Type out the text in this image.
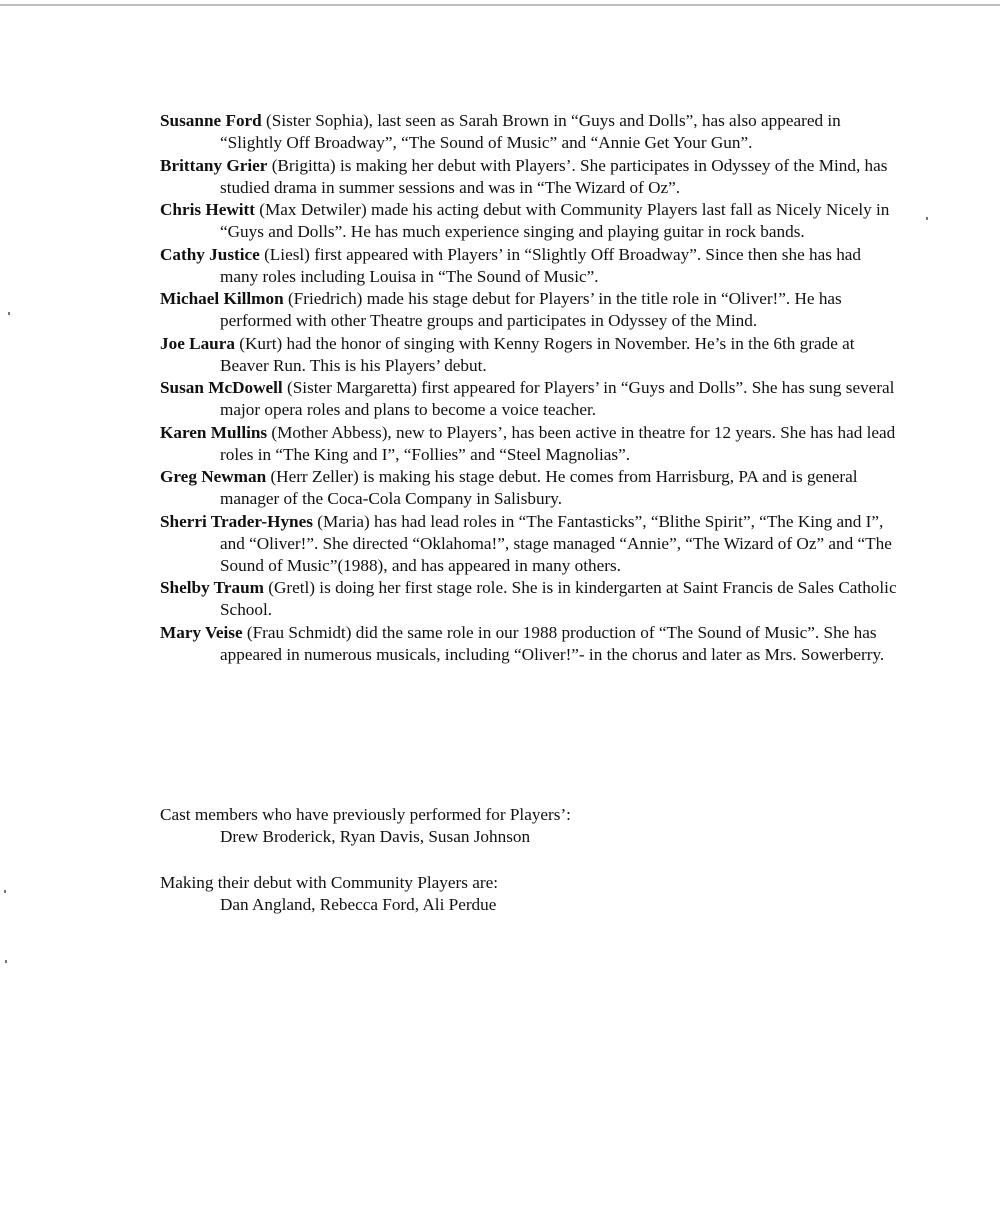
Susanne Ford (Sister Sophia), last seen as Sarah Brown in “Guys and Dolls”, has also appeared in “Slightly Off Broadway”, “The Sound of Music” and “Annie Get Your Gun”.

Brittany Grier (Brigitta) is making her debut with Players’. She participates in Odyssey of the Mind, has studied drama in summer sessions and was in “The Wizard of Oz”.

Chris Hewitt (Max Detwiler) made his acting debut with Community Players last fall as Nicely Nicely in “Guys and Dolls”. He has much experience singing and playing guitar in rock bands.

Cathy Justice (Liesl) first appeared with Players’ in “Slightly Off Broadway”. Since then she has had many roles including Louisa in “The Sound of Music”.

Michael Killmon (Friedrich) made his stage debut for Players’ in the title role in “Oliver!”. He has performed with other Theatre groups and participates in Odyssey of the Mind.

Joe Laura (Kurt) had the honor of singing with Kenny Rogers in November. He’s in the 6th grade at Beaver Run. This is his Players’ debut.

Susan McDowell (Sister Margaretta) first appeared for Players’ in “Guys and Dolls”. She has sung several major opera roles and plans to become a voice teacher.

Karen Mullins (Mother Abbess), new to Players’, has been active in theatre for 12 years. She has had lead roles in “The King and I”, “Follies” and “Steel Magnolias”.

Greg Newman (Herr Zeller) is making his stage debut. He comes from Harrisburg, PA and is general manager of the Coca-Cola Company in Salisbury.

Sherri Trader-Hynes (Maria) has had lead roles in “The Fantasticks”, “Blithe Spirit”, “The King and I”, and “Oliver!”. She directed “Oklahoma!”, stage managed “Annie”, “The Wizard of Oz” and “The Sound of Music”(1988), and has appeared in many others.

Shelby Traum (Gretl) is doing her first stage role. She is in kindergarten at Saint Francis de Sales Catholic School.

Mary Veise (Frau Schmidt) did the same role in our 1988 production of “The Sound of Music”. She has appeared in numerous musicals, including “Oliver!”- in the chorus and later as Mrs. Sowerberry.

Cast members who have previously performed for Players’:
Drew Broderick, Ryan Davis, Susan Johnson
Making their debut with Community Players are:
Dan Angland, Rebecca Ford, Ali Perdue
